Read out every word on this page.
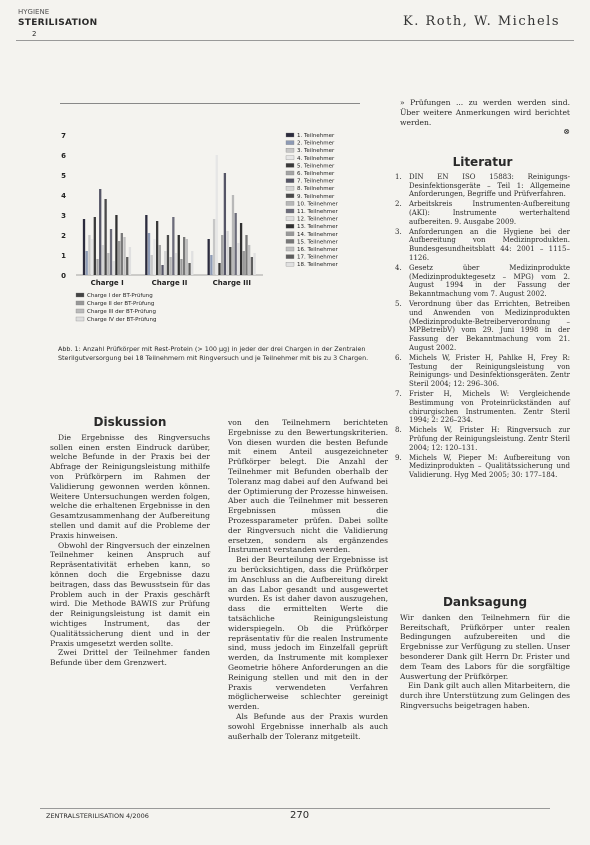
HYGIENE
STERILISATION
2
K. Roth, W. Michels
0
1
2
3
4
5
6
7
Charge I	Charge II	Charge III
1. Teilnehmer
2. Teilnehmer
3. Teilnehmer
4. Teilnehmer
5. Teilnehmer
6. Teilnehmer
7. Teilnehmer
8. Teilnehmer
9. Teilnehmer
10. Teilnehmer
11. Teilnehmer
12. Teilnehmer
13. Teilnehmer
14. Teilnehmer
15. Teilnehmer
16. Teilnehmer
17. Teilnehmer
18. Teilnehmer
Charge I der BT-Prüfung
Charge II der BT-Prüfung
Charge III der BT-Prüfung
Charge IV der BT-Prüfung
Abb. 1: Anzahl Prüfkörper mit Rest-Protein (> 100 µg) in jeder der drei Chargen in der Zentralen Sterilgutversorgung bei 18 Teilnehmern mit Ringversuch und je Teilnehmer mit bis zu 3 Chargen.

» Prüfungen ... zu werden werden sind. Über weitere Anmerkungen wird berichtet werden.

⊗
Literatur
1. DIN EN ISO 15883: Reinigungs-Desinfektionsgeräte – Teil 1: Allgemeine Anforderungen, Begriffe und Prüfverfahren.
2. Arbeitskreis Instrumenten-Aufbereitung (AKI): Instrumente werterhaltend aufbereiten. 9. Ausgabe 2009.
3. Anforderungen an die Hygiene bei der Aufbereitung von Medizinprodukten. Bundesgesundheitsblatt 44: 2001 – 1115–1126.
4. Gesetz über Medizinprodukte (Medizinproduktegesetz – MPG) vom 2. August 1994 in der Fassung der Bekanntmachung vom 7. August 2002.
5. Verordnung über das Errichten, Betreiben und Anwenden von Medizinprodukten (Medizinprodukte-Betreiberverordnung – MPBetreibV) vom 29. Juni 1998 in der Fassung der Bekanntmachung vom 21. August 2002.
6. Michels W, Frister H, Pahlke H, Frey R: Testung der Reinigungsleistung von Reinigungs- und Desinfektionsgeräten. Zentr Steril 2004; 12: 296–306.
7. Frister H, Michels W: Vergleichende Bestimmung von Proteinrückständen auf chirurgischen Instrumenten. Zentr Steril 1994; 2: 226–234.
8. Michels W, Frister H: Ringversuch zur Prüfung der Reinigungsleistung. Zentr Steril 2004; 12: 120–131.
9. Michels W, Pieper M: Aufbereitung von Medizinprodukten – Qualitätssicherung und Validierung. Hyg Med 2005; 30: 177–184.
Diskussion

Die Ergebnisse des Ringversuchs sollen einen ersten Eindruck darüber, welche Befunde in der Praxis bei der Abfrage der Reinigungsleistung mithilfe von Prüfkörpern im Rahmen der Validierung gewonnen werden können. Weitere Untersuchungen werden folgen, welche die erhaltenen Ergebnisse in den Gesamtzusammenhang der Aufbereitung stellen und damit auf die Probleme der Praxis hinweisen.

Obwohl der Ringversuch der einzelnen Teilnehmer keinen Anspruch auf Repräsentativität erheben kann, so können doch die Ergebnisse dazu beitragen, dass das Bewusstsein für das Problem auch in der Praxis geschärft wird. Die Methode BAWIS zur Prüfung der Reinigungsleistung ist damit ein wichtiges Instrument, das der Qualitätssicherung dient und in der Praxis umgesetzt werden sollte.

Zwei Drittel der Teilnehmer fanden Befunde über dem Grenzwert.

von den Teilnehmern berichteten Ergebnisse zu den Bewertungskriterien. Von diesen wurden die besten Befunde mit einem Anteil ausgezeichneter Prüfkörper belegt. Die Anzahl der Teilnehmer mit Befunden oberhalb der Toleranz mag dabei auf den Aufwand bei der Optimierung der Prozesse hinweisen. Aber auch die Teilnehmer mit besseren Ergebnissen müssen die Prozessparameter prüfen. Dabei sollte der Ringversuch nicht die Validierung ersetzen, sondern als ergänzendes Instrument verstanden werden.

Bei der Beurteilung der Ergebnisse ist zu berücksichtigen, dass die Prüfkörper im Anschluss an die Aufbereitung direkt an das Labor gesandt und ausgewertet wurden. Es ist daher davon auszugehen, dass die ermittelten Werte die tatsächliche Reinigungsleistung widerspiegeln. Ob die Prüfkörper repräsentativ für die realen Instrumente sind, muss jedoch im Einzelfall geprüft werden, da Instrumente mit komplexer Geometrie höhere Anforderungen an die Reinigung stellen und mit den in der Praxis verwendeten Verfahren möglicherweise schlechter gereinigt werden.

Als Befunde aus der Praxis wurden sowohl Ergebnisse innerhalb als auch außerhalb der Toleranz mitgeteilt.

Danksagung

Wir danken den Teilnehmern für die Bereitschaft, Prüfkörper unter realen Bedingungen aufzubereiten und die Ergebnisse zur Verfügung zu stellen. Unser besonderer Dank gilt Herrn Dr. Frister und dem Team des Labors für die sorgfältige Auswertung der Prüfkörper.

Ein Dank gilt auch allen Mitarbeitern, die durch ihre Unterstützung zum Gelingen des Ringversuchs beigetragen haben.

ZENTRALSTERILISATION 4/2006	270
